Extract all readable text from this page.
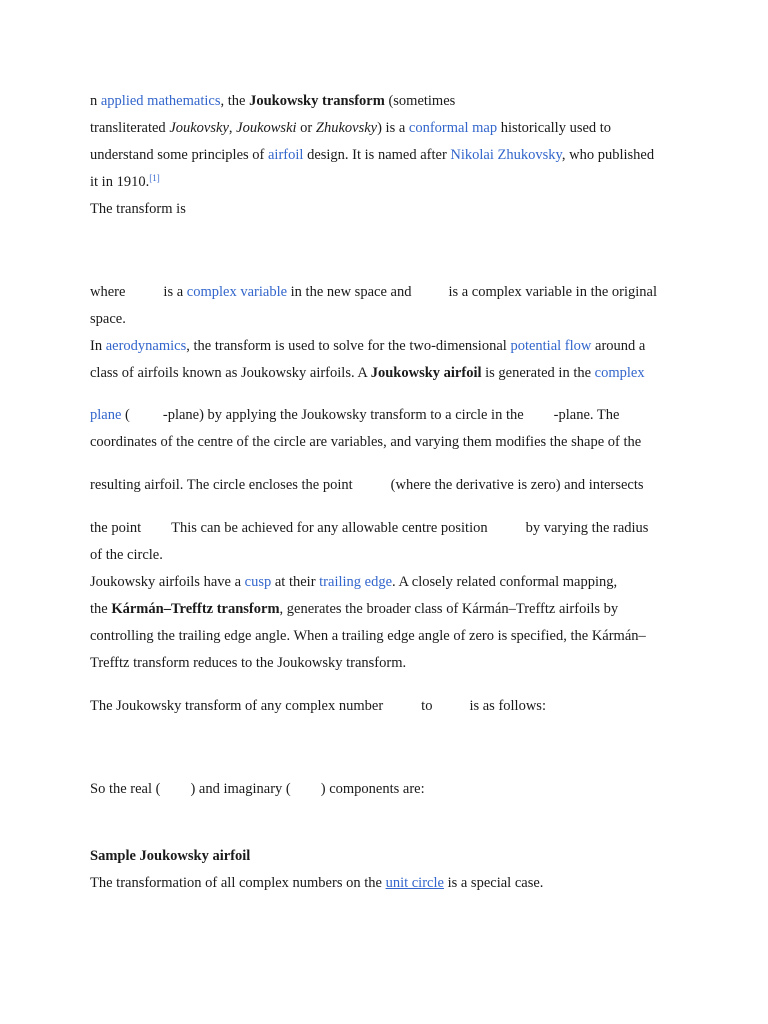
n applied mathematics, the Joukowsky transform (sometimes
transliterated Joukovsky, Joukowski or Zhukovsky) is a conformal map historically used to
understand some principles of airfoil design. It is named after Nikolai Zhukovsky, who published
it in 1910.[1]
The transform is
where	is a complex variable in the new space and	is a complex variable in the original
space.
In aerodynamics, the transform is used to solve for the two-dimensional potential flow around a
class of airfoils known as Joukowsky airfoils. A Joukowsky airfoil is generated in the complex
plane ( -plane) by applying the Joukowsky transform to a circle in the -plane. The
coordinates of the centre of the circle are variables, and varying them modifies the shape of the
resulting airfoil. The circle encloses the point	(where the derivative is zero) and intersects
the point This can be achieved for any allowable centre position	by varying the radius
of the circle.
Joukowsky airfoils have a cusp at their trailing edge. A closely related conformal mapping,
the Kármán–Trefftz transform, generates the broader class of Kármán–Trefftz airfoils by
controlling the trailing edge angle. When a trailing edge angle of zero is specified, the Kármán–
Trefftz transform reduces to the Joukowsky transform.
The Joukowsky transform of any complex number	to	is as follows:
So the real ( ) and imaginary ( ) components are:
Sample Joukowsky airfoil
The transformation of all complex numbers on the unit circle is a special case.
